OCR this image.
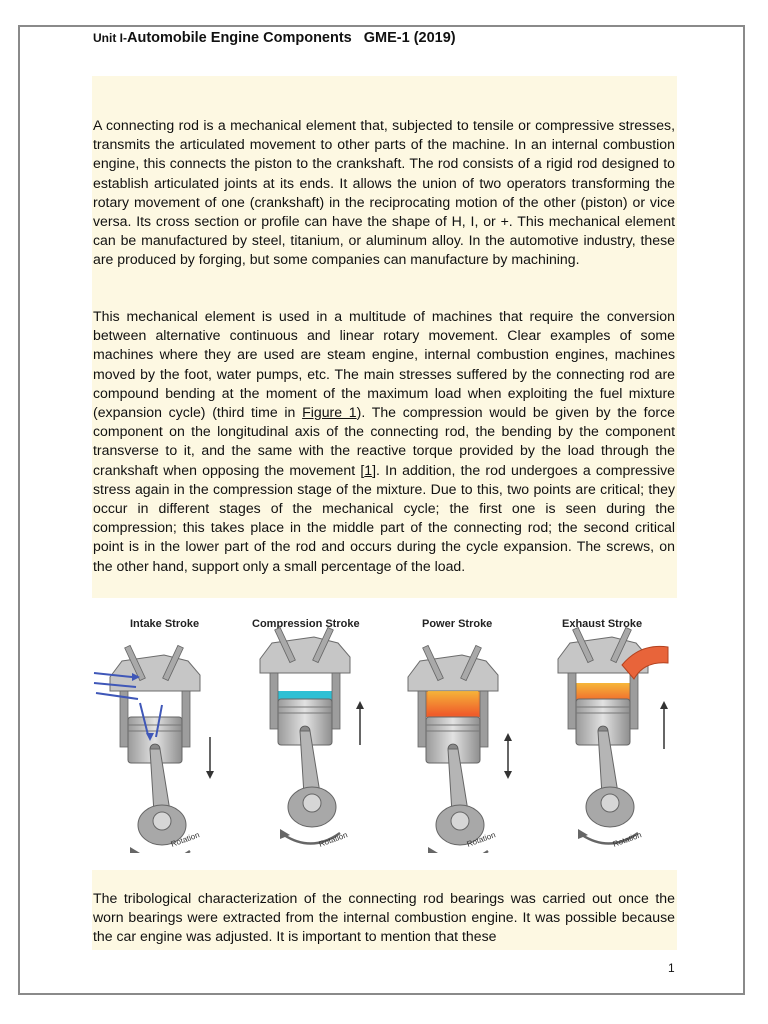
Unit I-Automobile Engine Components GME-1 (2019)

A connecting rod is a mechanical element that, subjected to tensile or compressive stresses, transmits the articulated movement to other parts of the machine. In an internal combustion engine, this connects the piston to the crankshaft. The rod consists of a rigid rod designed to establish articulated joints at its ends. It allows the union of two operators transforming the rotary movement of one (crankshaft) in the reciprocating motion of the other (piston) or vice versa. Its cross section or profile can have the shape of H, I, or +. This mechanical element can be manufactured by steel, titanium, or aluminum alloy. In the automotive industry, these are produced by forging, but some companies can manufacture by machining.

This mechanical element is used in a multitude of machines that require the conversion between alternative continuous and linear rotary movement. Clear examples of some machines where they are used are steam engine, internal combustion engines, machines moved by the foot, water pumps, etc. The main stresses suffered by the connecting rod are compound bending at the moment of the maximum load when exploiting the fuel mixture (expansion cycle) (third time in Figure 1). The compression would be given by the force component on the longitudinal axis of the connecting rod, the bending by the component transverse to it, and the same with the reactive torque provided by the load through the crankshaft when opposing the movement [1]. In addition, the rod undergoes a compressive stress again in the compression stage of the mixture. Due to this, two points are critical; they occur in different stages of the mechanical cycle; the first one is seen during the compression; this takes place in the middle part of the connecting rod; the second critical point is in the lower part of the rod and occurs during the cycle expansion. The screws, on the other hand, support only a small percentage of the load.

Intake Stroke
Rotation
Compression Stroke
Rotation
Power Stroke
Rotation
Exhaust Stroke
Rotation

The tribological characterization of the connecting rod bearings was carried out once the worn bearings were extracted from the internal combustion engine. It was possible because the car engine was adjusted. It is important to mention that these

1
